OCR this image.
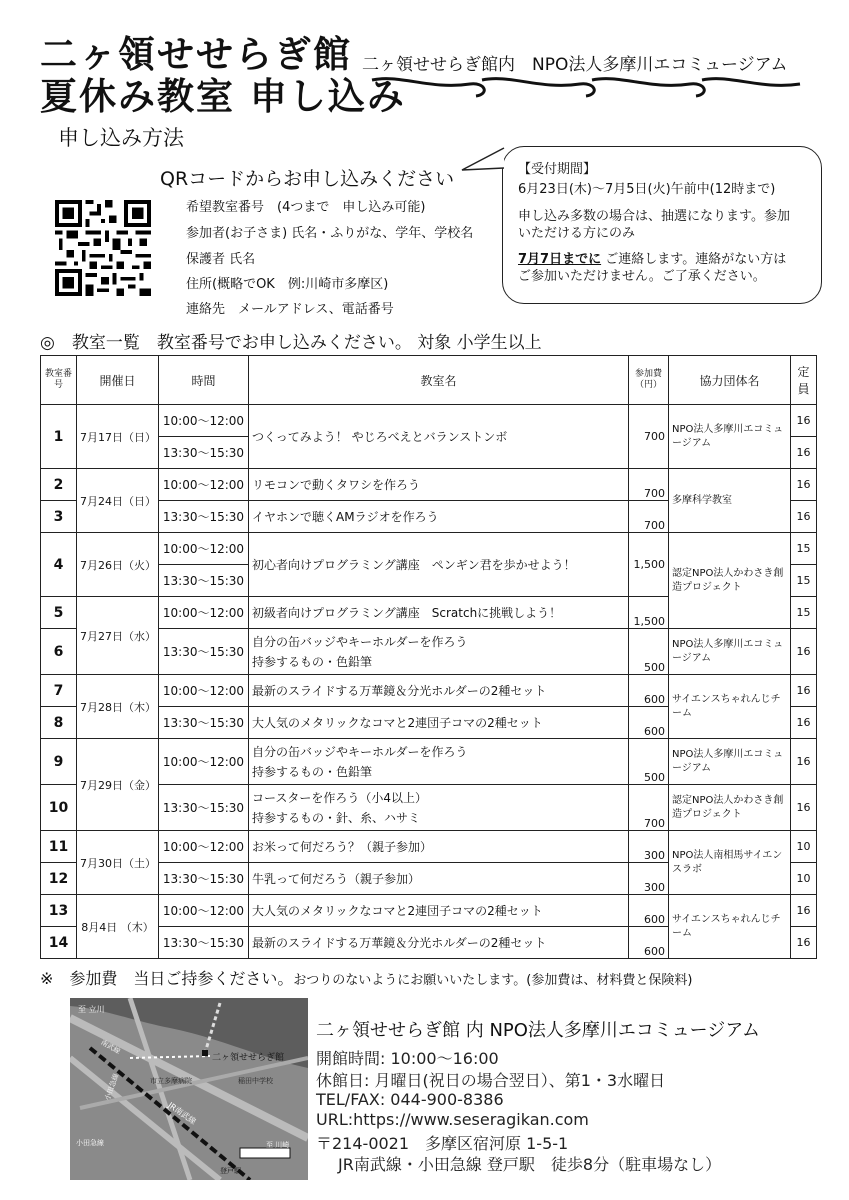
二ヶ領せせらぎ館
夏休み教室 申し込み
二ヶ領せせらぎ館内　NPO法人多摩川エコミュージアム
申し込み方法
QRコードからお申し込みください
希望教室番号　(4つまで　申し込み可能)
参加者(お子さま) 氏名・ふりがな、学年、学校名
保護者 氏名
住所(概略でOK　例:川崎市多摩区)
連絡先　メールアドレス、電話番号
【受付期間】
6月23日(木)～7月5日(火)午前中(12時まで)
申し込み多数の場合は、抽選になります。参加
いただける方にのみ
7月7日までに ご連絡します。連絡がない方は
ご参加いただけません。ご了承ください。
◎　教室一覧　教室番号でお申し込みください。 対象 小学生以上
教室番号	開催日	時間	教室名	参加費（円）	協力団体名	定員
1	7月17日（日）	10:00～12:00	つくってみよう！ やじろべえとバランストンボ	700	NPO法人多摩川エコミュージアム	16
		13:30～15:30				16
2	7月24日（日）	10:00～12:00	リモコンで動くタワシを作ろう	700	多摩科学教室	16
3		13:30～15:30	イヤホンで聴くAMラジオを作ろう	700		16
4	7月26日（火）	10:00～12:00	初心者向けプログラミング講座　ペンギン君を歩かせよう！	1,500	認定NPO法人かわさき創造プロジェクト	15
		13:30～15:30				15
5	7月27日（水）	10:00～12:00	初級者向けプログラミング講座　Scratchに挑戦しよう！	1,500		15
6		13:30～15:30	自分の缶バッジやキーホルダーを作ろう
持参するもの・色鉛筆	500	NPO法人多摩川エコミュージアム	16
7	7月28日（木）	10:00～12:00	最新のスライドする万華鏡＆分光ホルダーの2種セット	600	サイエンスちゃれんじチーム	16
8		13:30～15:30	大人気のメタリックなコマと2連団子コマの2種セット	600		16
9	7月29日（金）	10:00～12:00	自分の缶バッジやキーホルダーを作ろう
持参するもの・色鉛筆	500	NPO法人多摩川エコミュージアム	16
10		13:30～15:30	コースターを作ろう（小4以上）
持参するもの・針、糸、ハサミ	700	認定NPO法人かわさき創造プロジェクト	16
11	7月30日（土）	10:00～12:00	お米って何だろう？（親子参加）	300	NPO法人南相馬サイエンスラボ	10
12		13:30～15:30	牛乳って何だろう（親子参加）	300		10
13	8月4日 （木）	10:00～12:00	大人気のメタリックなコマと2連団子コマの2種セット	600	サイエンスちゃれんじチーム	16
14		13:30～15:30	最新のスライドする万華鏡＆分光ホルダーの2種セット	600		16
※　参加費　当日ご持参ください。おつりのないようにお願いいたします。(参加費は、材料費と保険料)
至 立川
二ヶ領せせらぎ館
市立多摩病院	稲田中学校
JR南武線
小田急線
登戸駅
至 川崎
小田急線
南武線
二ヶ領せせらぎ館 内 NPO法人多摩川エコミュージアム
開館時間: 10:00～16:00
休館日: 月曜日(祝日の場合翌日）、第1・3水曜日
TEL/FAX: 044-900-8386
URL:https://www.seseragikan.com
〒214-0021　多摩区宿河原 1-5-1
JR南武線・小田急線 登戸駅　徒歩8分（駐車場なし）
